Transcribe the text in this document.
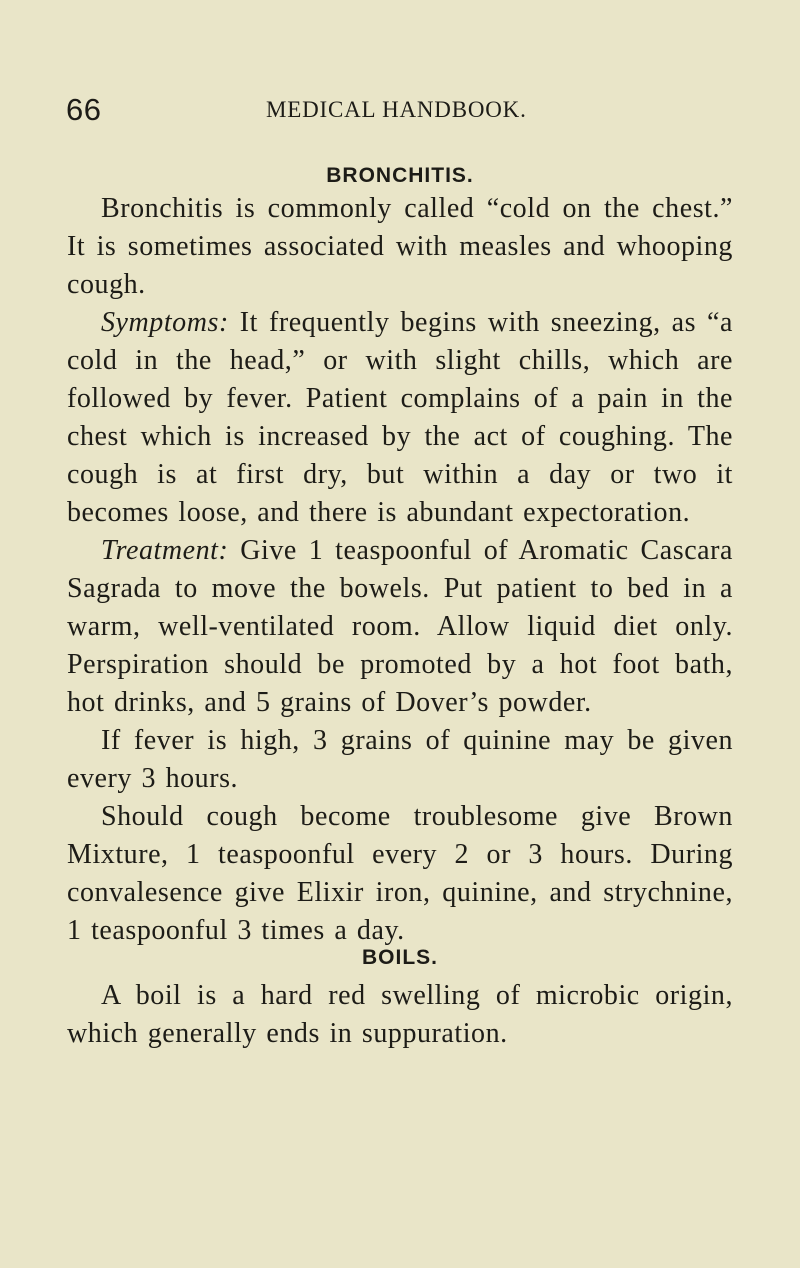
66	MEDICAL HANDBOOK.
BRONCHITIS.

Bronchitis is commonly called “cold on the chest.” It is sometimes associated with measles and whooping cough.

Symptoms: It frequently begins with sneezing, as “a cold in the head,” or with slight chills, which are followed by fever. Patient complains of a pain in the chest which is increased by the act of coughing. The cough is at first dry, but within a day or two it becomes loose, and there is abundant expectoration.

Treatment: Give 1 teaspoonful of Aromatic Cascara Sagrada to move the bowels. Put patient to bed in a warm, well-ventilated room. Allow liquid diet only. Perspiration should be promoted by a hot foot bath, hot drinks, and 5 grains of Dover’s powder.

If fever is high, 3 grains of quinine may be given every 3 hours.

Should cough become troublesome give Brown Mixture, 1 teaspoonful every 2 or 3 hours. During convalesence give Elixir iron, quinine, and strychnine, 1 teaspoonful 3 times a day.

BOILS.

A boil is a hard red swelling of microbic origin, which generally ends in suppuration.
